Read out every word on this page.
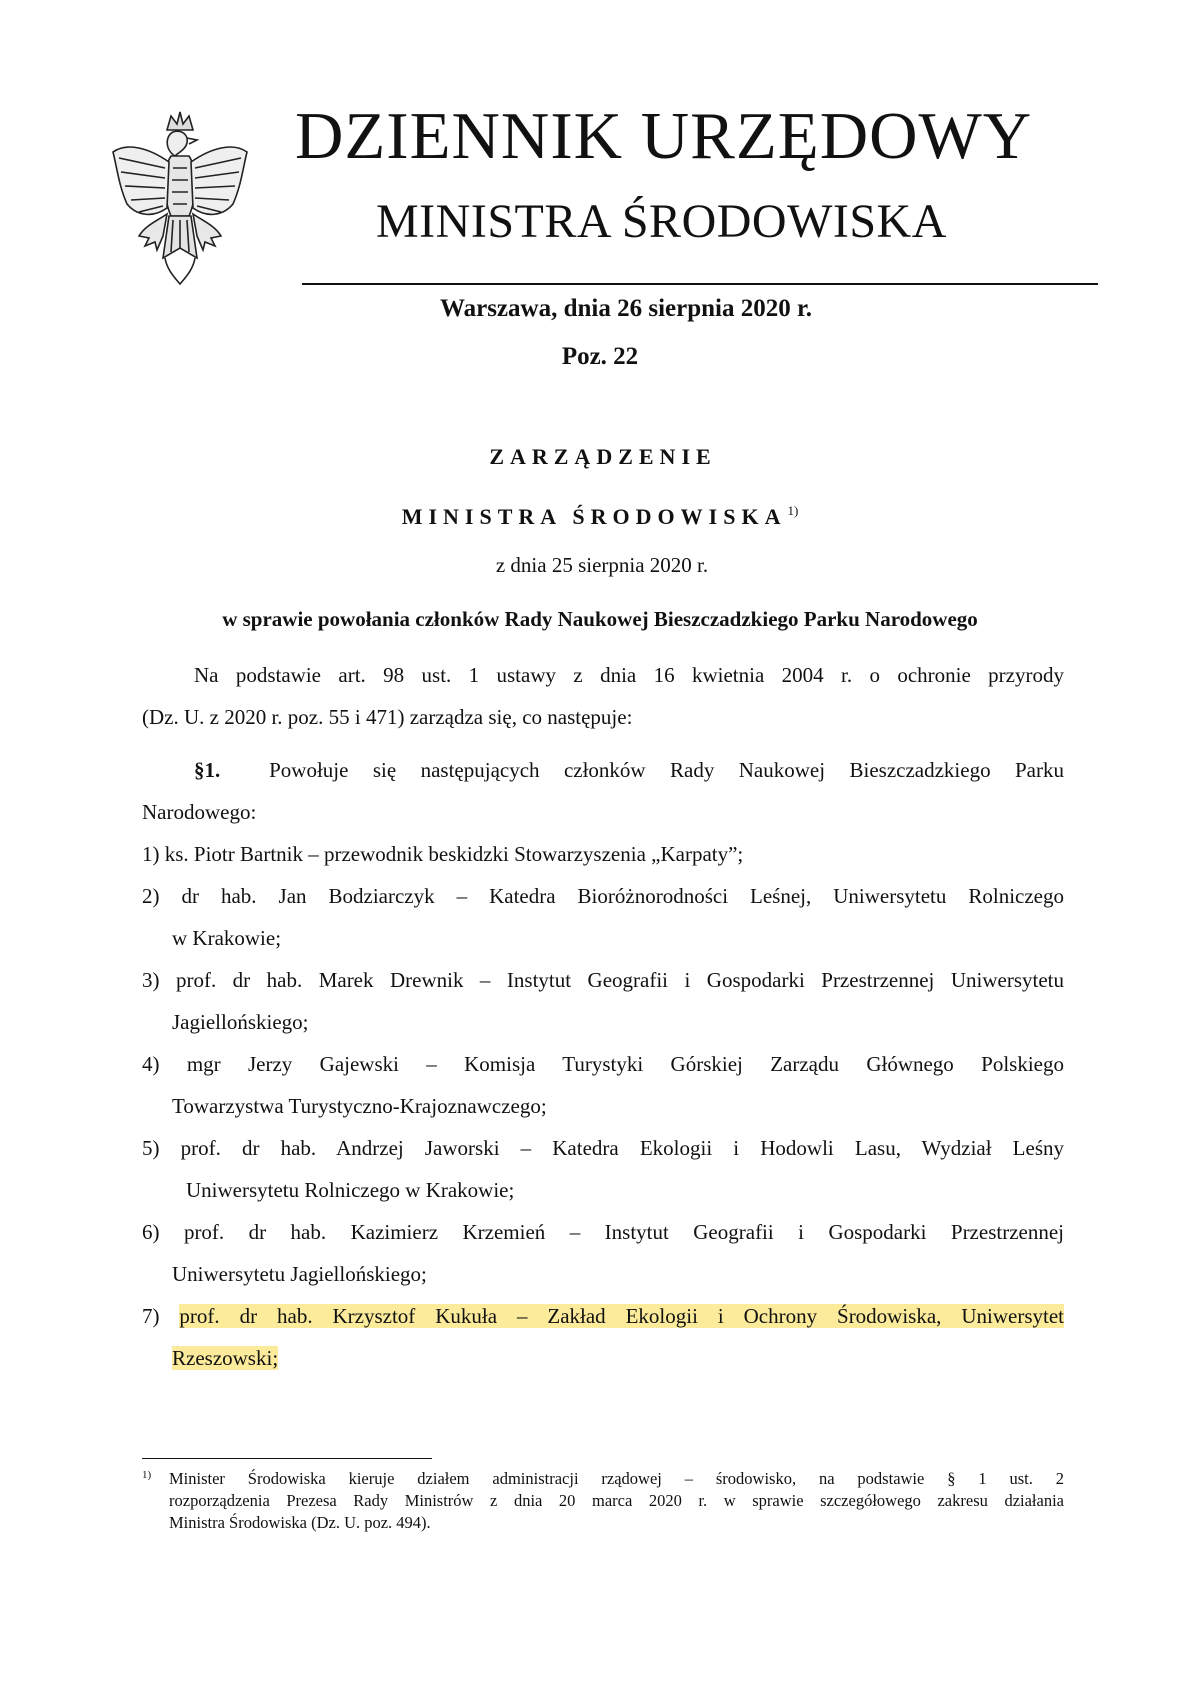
DZIENNIK URZĘDOWY
MINISTRA ŚRODOWISKA
Warszawa, dnia 26 sierpnia 2020 r.
Poz. 22
ZARZĄDZENIE
MINISTRA ŚRODOWISKA$^{1)}$
z dnia 25 sierpnia 2020 r.
w sprawie powołania członków Rady Naukowej Bieszczadzkiego Parku Narodowego
Na podstawie art. 98 ust. 1 ustawy z dnia 16 kwietnia 2004 r. o ochronie przyrody
(Dz. U. z 2020 r. poz. 55 i 471) zarządza się, co następuje:
§1. Powołuje się następujących członków Rady Naukowej Bieszczadzkiego Parku
Narodowego:
1) ks. Piotr Bartnik – przewodnik beskidzki Stowarzyszenia „Karpaty”;
2) dr hab. Jan Bodziarczyk – Katedra Bioróżnorodności Leśnej, Uniwersytetu Rolniczego
w Krakowie;
3) prof. dr hab. Marek Drewnik – Instytut Geografii i Gospodarki Przestrzennej Uniwersytetu
Jagiellońskiego;
4) mgr Jerzy Gajewski – Komisja Turystyki Górskiej Zarządu Głównego Polskiego
Towarzystwa Turystyczno-Krajoznawczego;
5) prof. dr hab. Andrzej Jaworski – Katedra Ekologii i Hodowli Lasu, Wydział Leśny
Uniwersytetu Rolniczego w Krakowie;
6) prof. dr hab. Kazimierz Krzemień – Instytut Geografii i Gospodarki Przestrzennej
Uniwersytetu Jagiellońskiego;
7) prof. dr hab. Krzysztof Kukuła – Zakład Ekologii i Ochrony Środowiska, Uniwersytet
Rzeszowski;
1)	Minister Środowiska kieruje działem administracji rządowej – środowisko, na podstawie § 1 ust. 2
rozporządzenia Prezesa Rady Ministrów z dnia 20 marca 2020 r. w sprawie szczegółowego zakresu działania
Ministra Środowiska (Dz. U. poz. 494).
